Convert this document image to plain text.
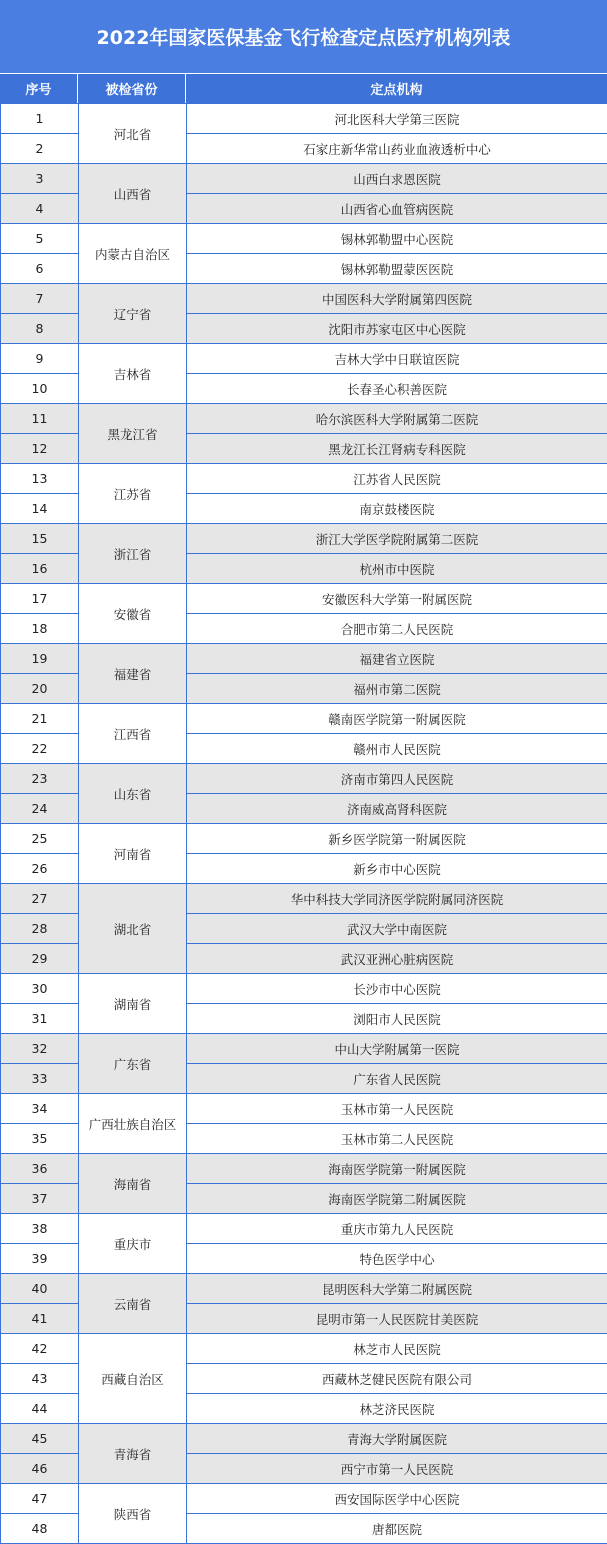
2022年国家医保基金飞行检查定点医疗机构列表
序号	被检省份	定点机构
1	河北省	河北医科大学第三医院
2		石家庄新华常山药业血液透析中心
3	山西省	山西白求恩医院
4		山西省心血管病医院
5	内蒙古自治区	锡林郭勒盟中心医院
6		锡林郭勒盟蒙医医院
7	辽宁省	中国医科大学附属第四医院
8		沈阳市苏家屯区中心医院
9	吉林省	吉林大学中日联谊医院
10		长春圣心积善医院
11	黑龙江省	哈尔滨医科大学附属第二医院
12		黑龙江长江肾病专科医院
13	江苏省	江苏省人民医院
14		南京鼓楼医院
15	浙江省	浙江大学医学院附属第二医院
16		杭州市中医院
17	安徽省	安徽医科大学第一附属医院
18		合肥市第二人民医院
19	福建省	福建省立医院
20		福州市第二医院
21	江西省	赣南医学院第一附属医院
22		赣州市人民医院
23	山东省	济南市第四人民医院
24		济南威高肾科医院
25	河南省	新乡医学院第一附属医院
26		新乡市中心医院
27	湖北省	华中科技大学同济医学院附属同济医院
28		武汉大学中南医院
29		武汉亚洲心脏病医院
30	湖南省	长沙市中心医院
31		浏阳市人民医院
32	广东省	中山大学附属第一医院
33		广东省人民医院
34	广西壮族自治区	玉林市第一人民医院
35		玉林市第二人民医院
36	海南省	海南医学院第一附属医院
37		海南医学院第二附属医院
38	重庆市	重庆市第九人民医院
39		特色医学中心
40	云南省	昆明医科大学第二附属医院
41		昆明市第一人民医院甘美医院
42	西藏自治区	林芝市人民医院
43		西藏林芝健民医院有限公司
44		林芝济民医院
45	青海省	青海大学附属医院
46		西宁市第一人民医院
47	陕西省	西安国际医学中心医院
48		唐都医院
